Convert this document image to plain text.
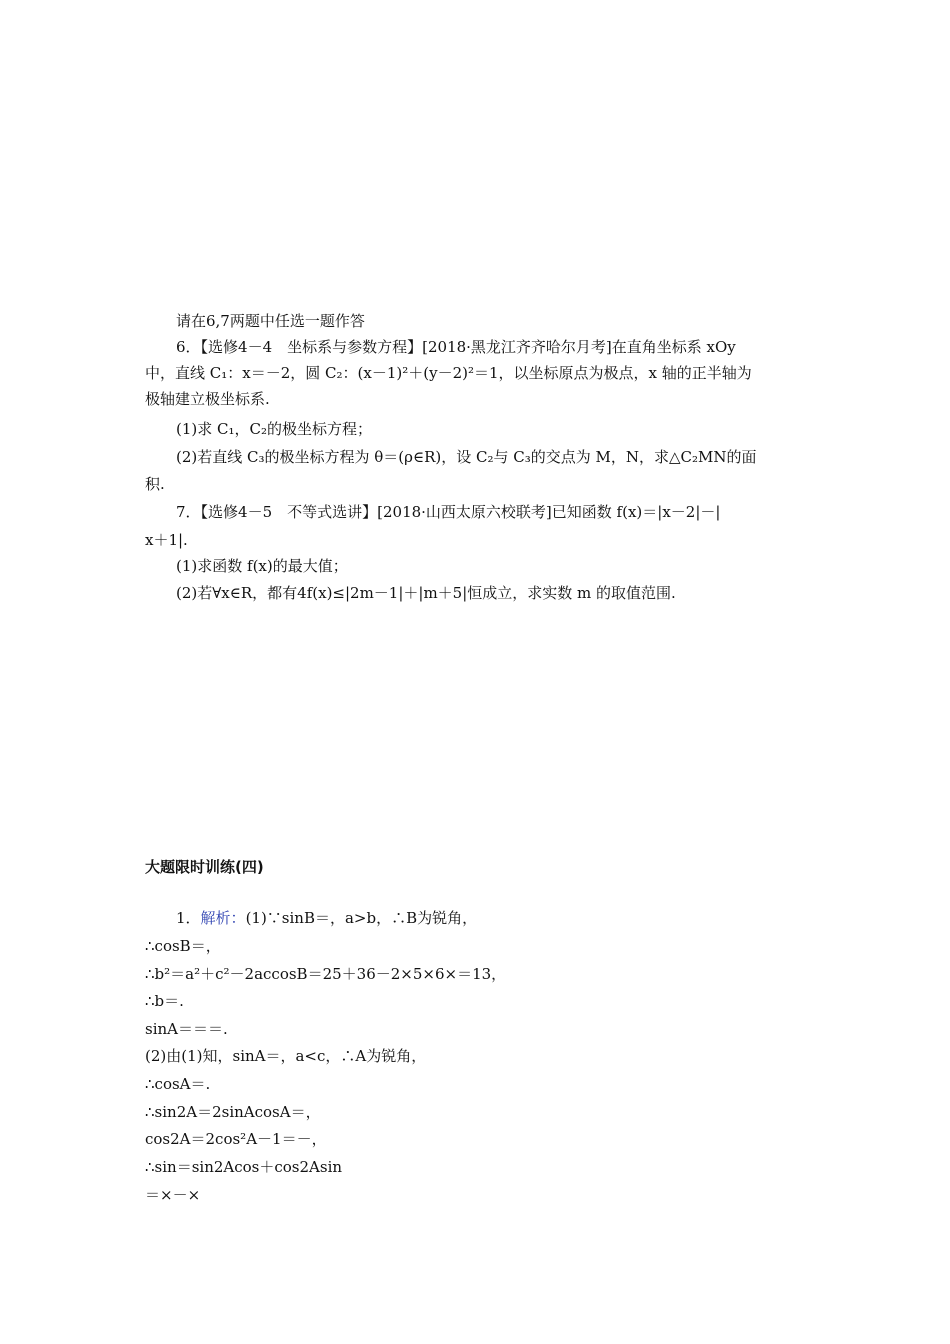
请在6,7两题中任选一题作答
6．【选修4－4　坐标系与参数方程】[2018·黑龙江齐齐哈尔月考]在直角坐标系 xOy
中，直线 C₁：x＝－2，圆 C₂：(x－1)²＋(y－2)²＝1，以坐标原点为极点，x 轴的正半轴为
极轴建立极坐标系.
(1)求 C₁，C₂的极坐标方程；
(2)若直线 C₃的极坐标方程为 θ＝(ρ∈R)，设 C₂与 C₃的交点为 M，N，求△C₂MN的面
积.
7．【选修4－5　不等式选讲】[2018·山西太原六校联考]已知函数 f(x)＝|x－2|－|
x＋1|.
(1)求函数 f(x)的最大值；
(2)若∀x∈R，都有4f(x)≤|2m－1|＋|m＋5|恒成立，求实数 m 的取值范围.
大题限时训练(四)
1．解析：(1)∵sinB＝，a>b，∴B为锐角，
∴cosB＝，
∴b²＝a²＋c²－2accosB＝25＋36－2×5×6×＝13，
∴b＝.
sinA＝＝＝.
(2)由(1)知，sinA＝，a<c，∴A为锐角，
∴cosA＝.
∴sin2A＝2sinAcosA＝，
cos2A＝2cos²A－1＝－，
∴sin＝sin2Acos＋cos2Asin
＝×－×
